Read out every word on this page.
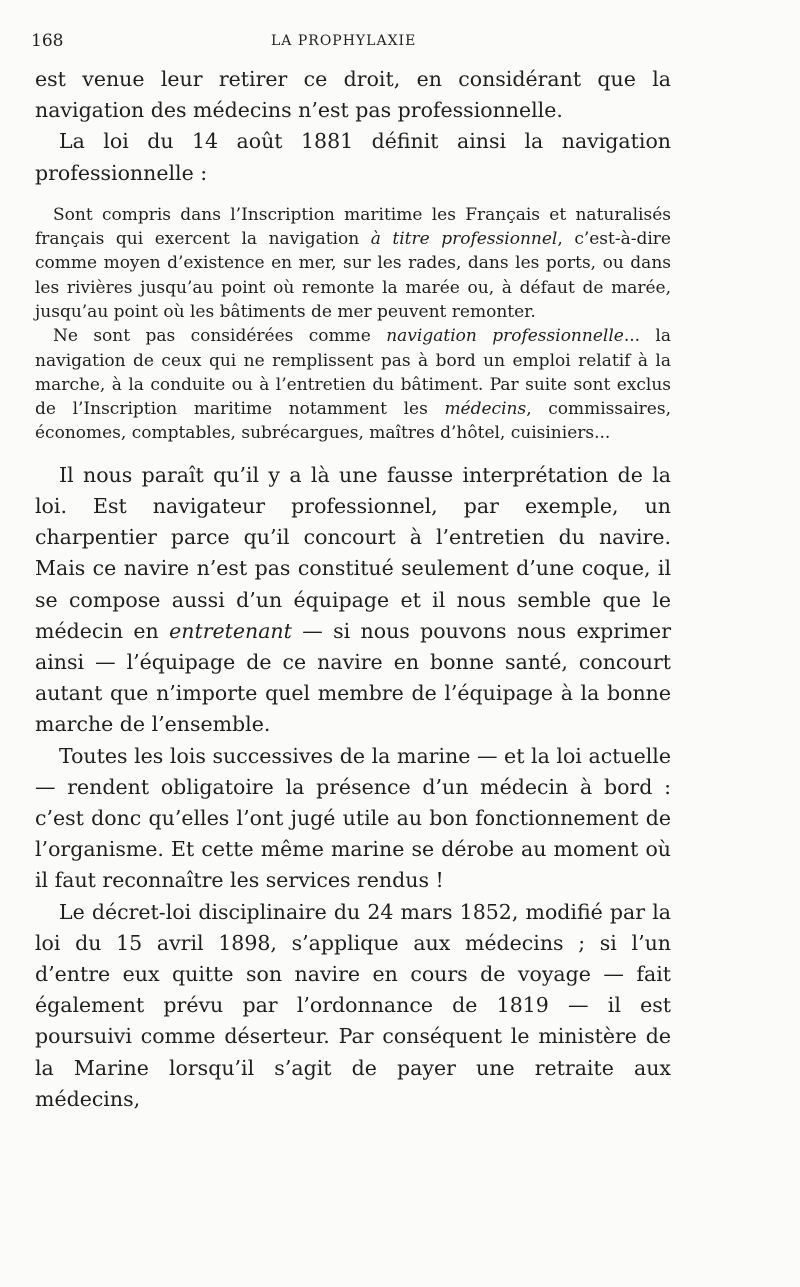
168	LA PROPHYLAXIE

est venue leur retirer ce droit, en considérant que la navigation des médecins n’est pas professionnelle.

La loi du 14 août 1881 définit ainsi la navigation professionnelle :

Sont compris dans l’Inscription maritime les Français et naturalisés français qui exercent la navigation à titre professionnel, c’est-à-dire comme moyen d’existence en mer, sur les rades, dans les ports, ou dans les rivières jusqu’au point où remonte la marée ou, à défaut de marée, jusqu’au point où les bâtiments de mer peuvent remonter.

Ne sont pas considérées comme navigation professionnelle... la navigation de ceux qui ne remplissent pas à bord un emploi relatif à la marche, à la conduite ou à l’entretien du bâtiment. Par suite sont exclus de l’Inscription maritime notamment les médecins, commissaires, économes, comptables, subrécargues, maîtres d’hôtel, cuisiniers...

Il nous paraît qu’il y a là une fausse interprétation de la loi. Est navigateur professionnel, par exemple, un charpentier parce qu’il concourt à l’entretien du navire. Mais ce navire n’est pas constitué seulement d’une coque, il se compose aussi d’un équipage et il nous semble que le médecin en entretenant — si nous pouvons nous exprimer ainsi — l’équipage de ce navire en bonne santé, concourt autant que n’importe quel membre de l’équipage à la bonne marche de l’ensemble.

Toutes les lois successives de la marine — et la loi actuelle — rendent obligatoire la présence d’un médecin à bord : c’est donc qu’elles l’ont jugé utile au bon fonctionnement de l’organisme. Et cette même marine se dérobe au moment où il faut reconnaître les services rendus !

Le décret-loi disciplinaire du 24 mars 1852, modifié par la loi du 15 avril 1898, s’applique aux médecins ; si l’un d’entre eux quitte son navire en cours de voyage — fait également prévu par l’ordonnance de 1819 — il est poursuivi comme déserteur. Par conséquent le ministère de la Marine lorsqu’il s’agit de payer une retraite aux médecins,
